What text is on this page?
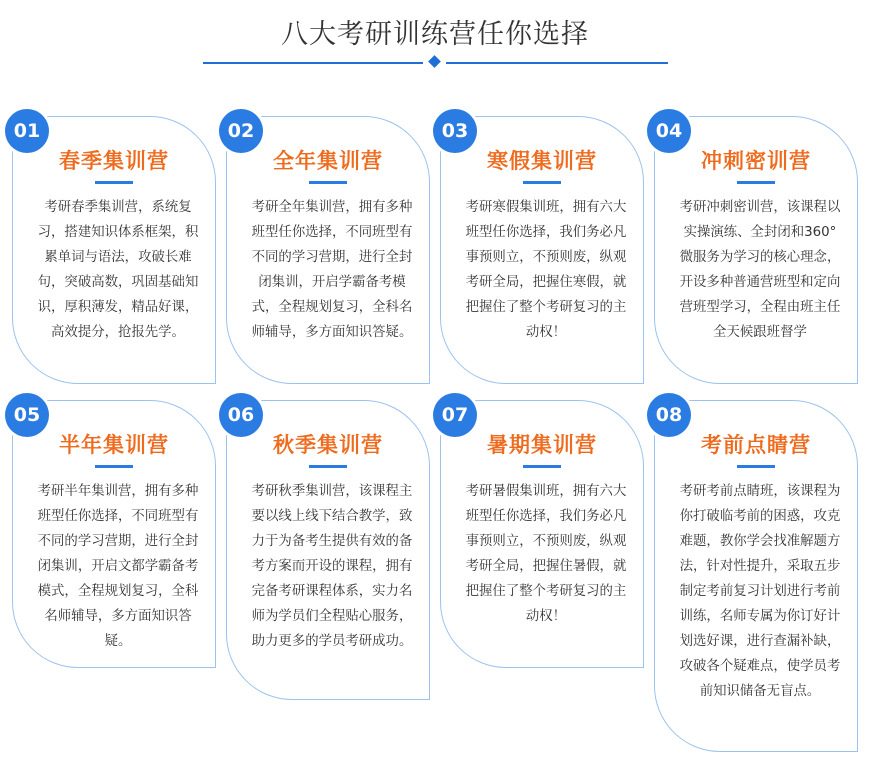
八大考研训练营任你选择
01
春季集训营
考研春季集训营，系统复习，搭建知识体系框架，积累单词与语法，攻破长难句，突破高数，巩固基础知识，厚积薄发，精品好课，高效提分，抢报先学。
02
全年集训营
考研全年集训营，拥有多种班型任你选择，不同班型有不同的学习营期，进行全封闭集训，开启学霸备考模式，全程规划复习，全科名师辅导，多方面知识答疑。
03
寒假集训营
考研寒假集训班，拥有六大班型任你选择，我们务必凡事预则立，不预则废，纵观考研全局，把握住寒假，就把握住了整个考研复习的主动权！
04
冲刺密训营
考研冲刺密训营，该课程以实操演练、全封闭和360°微服务为学习的核心理念，开设多种普通营班型和定向营班型学习，全程由班主任全天候跟班督学
05
半年集训营
考研半年集训营，拥有多种班型任你选择，不同班型有不同的学习营期，进行全封闭集训，开启文都学霸备考模式，全程规划复习，全科名师辅导，多方面知识答疑。
06
秋季集训营
考研秋季集训营，该课程主要以线上线下结合教学，致力于为备考生提供有效的备考方案而开设的课程，拥有完备考研课程体系，实力名师为学员们全程贴心服务，助力更多的学员考研成功。
07
暑期集训营
考研暑假集训班，拥有六大班型任你选择，我们务必凡事预则立，不预则废，纵观考研全局，把握住暑假，就把握住了整个考研复习的主动权！
08
考前点睛营
考研考前点睛班，该课程为你打破临考前的困惑，攻克难题，教你学会找准解题方法，针对性提升，采取五步制定考前复习计划进行考前训练，名师专属为你订好计划选好课，进行查漏补缺，攻破各个疑难点，使学员考前知识储备无盲点。
